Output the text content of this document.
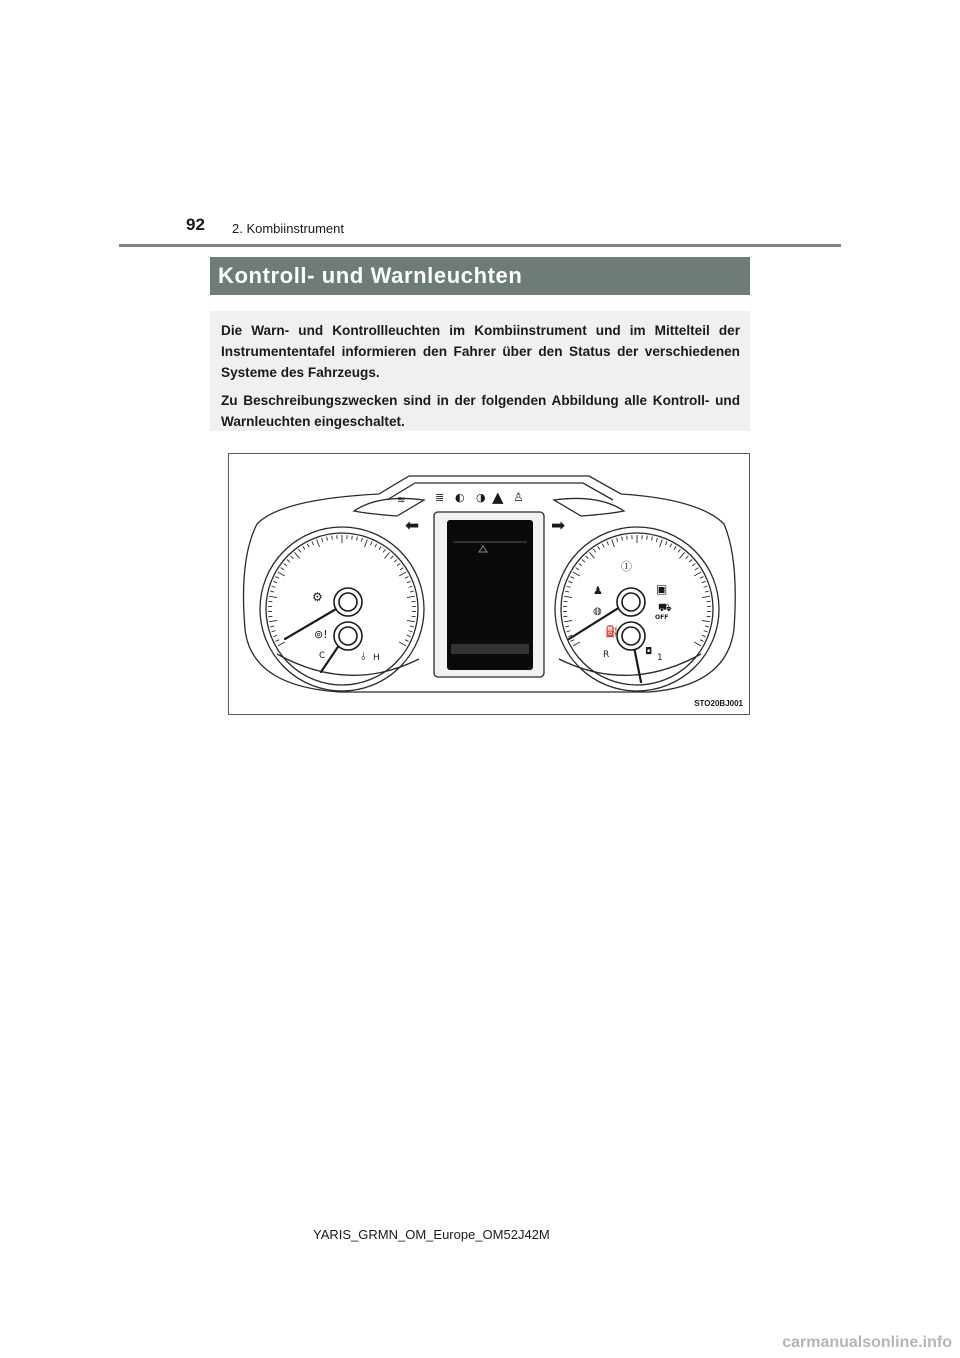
92 2. Kombiinstrument
Kontroll- und Warnleuchten

Die Warn- und Kontrollleuchten im Kombiinstrument und im Mittelteil der Instrumententafel informieren den Fahrer über den Status der verschiedenen Systeme des Fahrzeugs.

Zu Beschreibungszwecken sind in der folgenden Abbildung alle Kontroll- und Warnleuchten eingeschaltet.

≋	≣ ◐ ◑ ▲ ♙
⬅	➡
⚙
⊚!
⫰
♟
Ⓘ
◍
⛽
▣
⛟
OFF
◘
C	H	R	1
STO20BJ001
YARIS_GRMN_OM_Europe_OM52J42M
carmanualsonline.info
